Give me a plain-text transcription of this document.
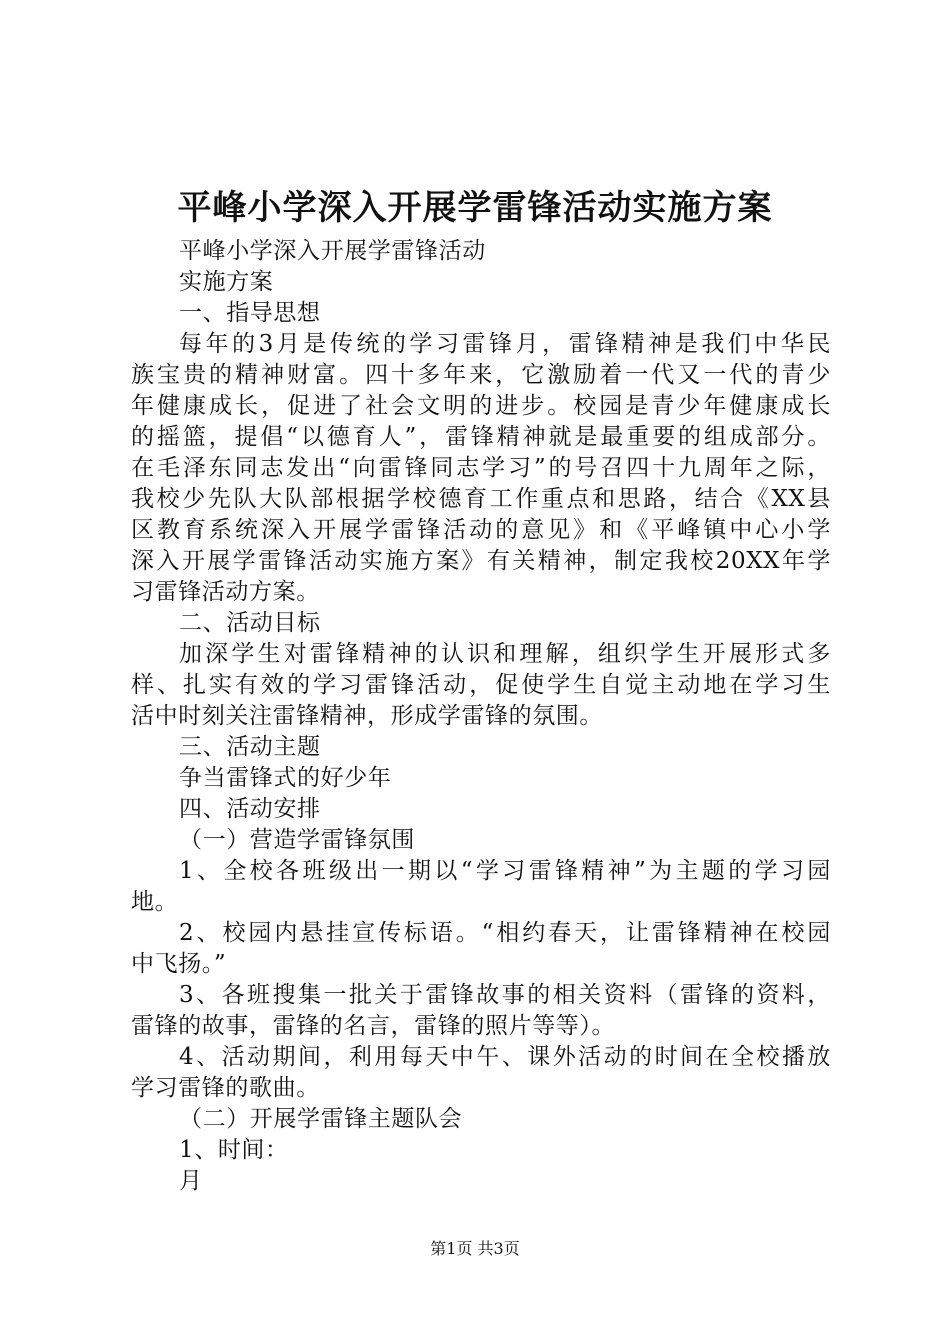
平峰小学深入开展学雷锋活动实施方案
平峰小学深入开展学雷锋活动
实施方案
一、指导思想
每年的3月是传统的学习雷锋月，雷锋精神是我们中华民
族宝贵的精神财富。四十多年来，它激励着一代又一代的青少
年健康成长，促进了社会文明的进步。校园是青少年健康成长
的摇篮，提倡“以德育人”，雷锋精神就是最重要的组成部分。
在毛泽东同志发出“向雷锋同志学习”的号召四十九周年之际，
我校少先队大队部根据学校德育工作重点和思路，结合《XX县
区教育系统深入开展学雷锋活动的意见》和《平峰镇中心小学
深入开展学雷锋活动实施方案》有关精神，制定我校20XX年学
习雷锋活动方案。
二、活动目标
加深学生对雷锋精神的认识和理解，组织学生开展形式多
样、扎实有效的学习雷锋活动，促使学生自觉主动地在学习生
活中时刻关注雷锋精神，形成学雷锋的氛围。
三、活动主题
争当雷锋式的好少年
四、活动安排
（一）营造学雷锋氛围
1、全校各班级出一期以“学习雷锋精神”为主题的学习园
地。
2、校园内悬挂宣传标语。“相约春天，让雷锋精神在校园
中飞扬。”
3、各班搜集一批关于雷锋故事的相关资料（雷锋的资料，
雷锋的故事，雷锋的名言，雷锋的照片等等）。
4、活动期间，利用每天中午、课外活动的时间在全校播放
学习雷锋的歌曲。
（二）开展学雷锋主题队会
1、时间：
月
第1页 共3页
